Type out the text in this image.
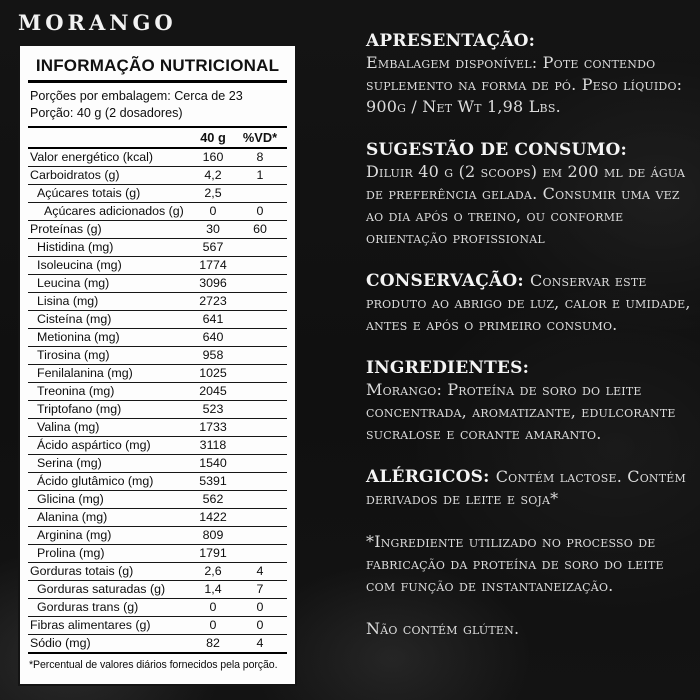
MORANGO
INFORMAÇÃO NUTRICIONAL
Porções por embalagem: Cerca de 23
Porção: 40 g (2 dosadores)
40 g	%VD*
Valor energético (kcal)	160	8
Carboidratos (g)	4,2	1
Açúcares totais (g)	2,5
Açúcares adicionados (g)	0	0
Proteínas (g)	30	60
Histidina (mg)	567
Isoleucina (mg)	1774
Leucina (mg)	3096
Lisina (mg)	2723
Cisteína (mg)	641
Metionina (mg)	640
Tirosina (mg)	958
Fenilalanina (mg)	1025
Treonina (mg)	2045
Triptofano (mg)	523
Valina (mg)	1733
Ácido aspártico (mg)	3118
Serina (mg)	1540
Ácido glutâmico (mg)	5391
Glicina (mg)	562
Alanina (mg)	1422
Arginina (mg)	809
Prolina (mg)	1791
Gorduras totais (g)	2,6	4
Gorduras saturadas (g)	1,4	7
Gorduras trans (g)	0	0
Fibras alimentares (g)	0	0
Sódio (mg)	82	4
*Percentual de valores diários fornecidos pela porção.

APRESENTAÇÃO:
Embalagem disponível: Pote contendo suplemento na forma de pó. Peso líquido: 900g / Net Wt 1,98 Lbs.

SUGESTÃO DE CONSUMO:
Diluir 40 g (2 scoops) em 200 ml de água de preferência gelada. Consumir uma vez ao dia após o treino, ou conforme orientação profissional

CONSERVAÇÃO: Conservar este produto ao abrigo de luz, calor e umidade, antes e após o primeiro consumo.

INGREDIENTES:
Morango: Proteína de soro do leite concentrada, aromatizante, edulcorante sucralose e corante amaranto.

ALÉRGICOS: Contém lactose. Contém derivados de leite e soja*

*Ingrediente utilizado no processo de fabricação da proteína de soro do leite com função de instantaneização.

Não contém glúten.
